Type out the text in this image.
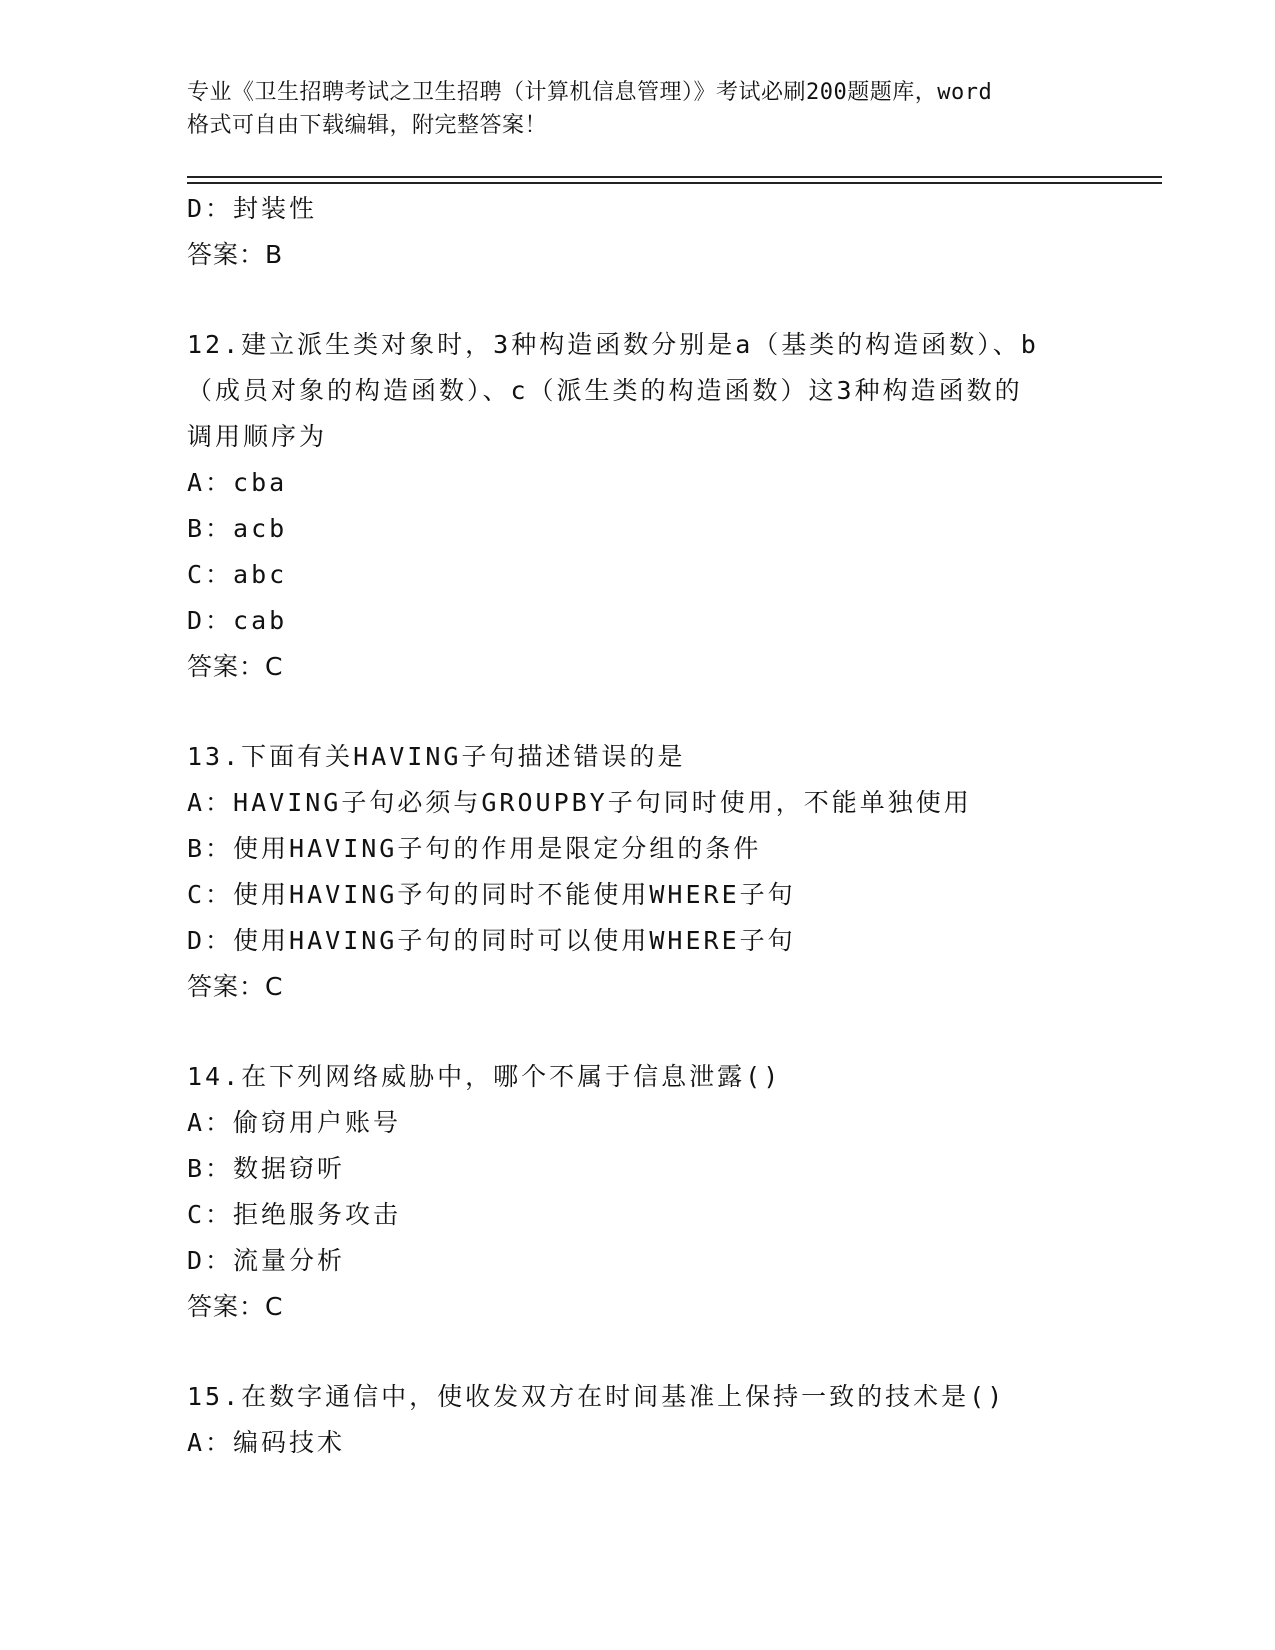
专业《卫生招聘考试之卫生招聘（计算机信息管理）》考试必刷200题题库，word
格式可自由下载编辑，附完整答案！
D：封装性
答案：B
12.建立派生类对象时，3种构造函数分别是a（基类的构造函数）、b
（成员对象的构造函数）、c（派生类的构造函数）这3种构造函数的
调用顺序为
A：cba
B：acb
C：abc
D：cab
答案：C
13.下面有关HAVING子句描述错误的是
A：HAVING子句必须与GROUPBY子句同时使用，不能单独使用
B：使用HAVING子句的作用是限定分组的条件
C：使用HAVING予句的同时不能使用WHERE子句
D：使用HAVING子句的同时可以使用WHERE子句
答案：C
14.在下列网络威胁中，哪个不属于信息泄露()
A：偷窃用户账号
B：数据窃听
C：拒绝服务攻击
D：流量分析
答案：C
15.在数字通信中，使收发双方在时间基准上保持一致的技术是()
A：编码技术
